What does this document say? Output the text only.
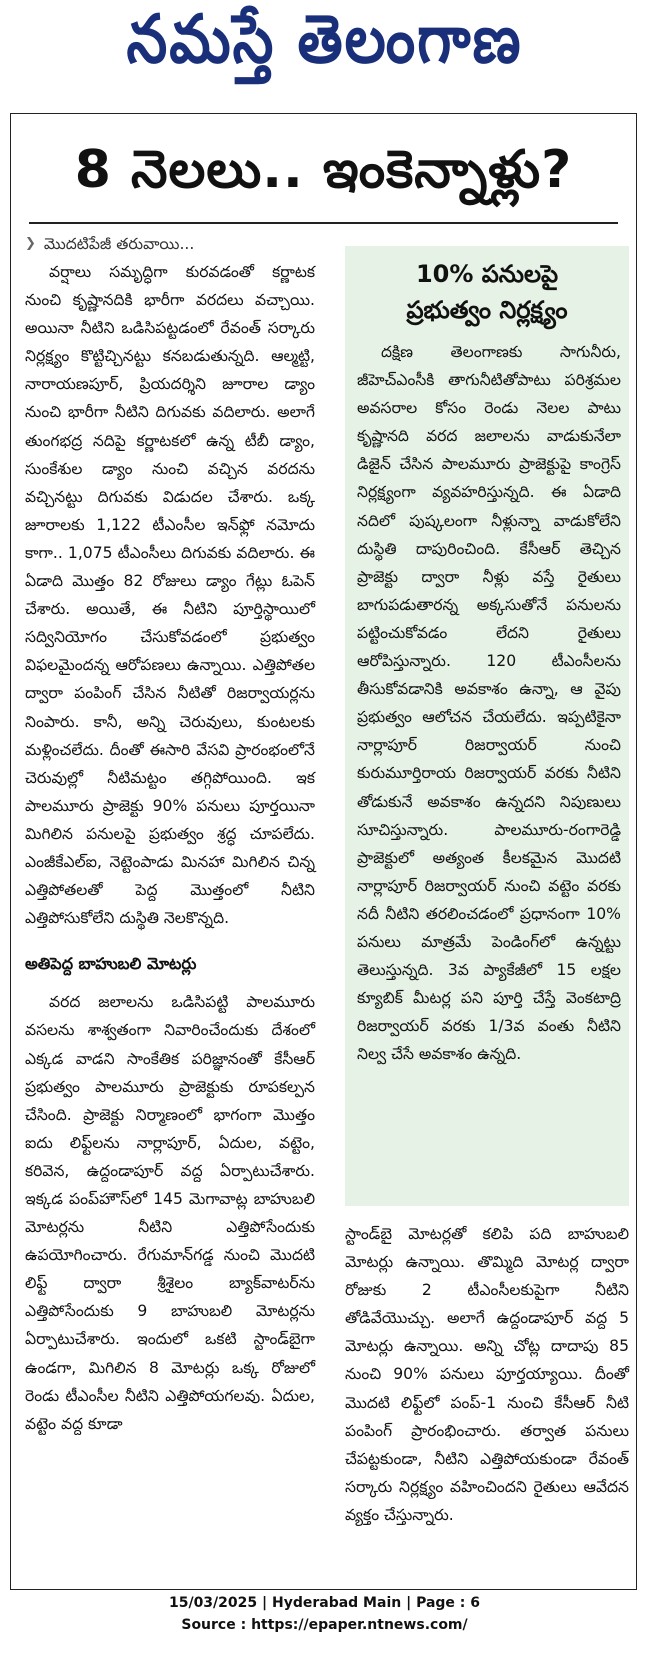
నమస్తే తెలంగాణ
8 నెలలు.. ఇంకెన్నాళ్లు?
❯ మొదటిపేజీ తరువాయి...

వర్షాలు సమృద్ధిగా కురవడంతో కర్ణాటక నుంచి కృష్ణానదికి భారీగా వరదలు వచ్చాయి. అయినా నీటిని ఒడిసిపట్టడంలో రేవంత్ సర్కారు నిర్లక్ష్యం కొట్టిచ్చినట్టు కనబడుతున్నది. ఆల్మట్టి, నారాయణపూర్, ప్రియదర్శిని జూరాల డ్యాం నుంచి భారీగా నీటిని దిగువకు వదిలారు. అలాగే తుంగభద్ర నదిపై కర్ణాటకలో ఉన్న టీబీ డ్యాం, సుంకేశుల డ్యాం నుంచి వచ్చిన వరదను వచ్చినట్టు దిగువకు విడుదల చేశారు. ఒక్క జూరాలకు 1,122 టీఎంసీల ఇన్‌ఫ్లో నమోదు కాగా.. 1,075 టీఎంసీలు దిగువకు వదిలారు. ఈ ఏడాది మొత్తం 82 రోజులు డ్యాం గేట్లు ఓపెన్ చేశారు. అయితే, ఈ నీటిని పూర్తిస్థాయిలో సద్వినియోగం చేసుకోవడంలో ప్రభుత్వం విఫలమైందన్న ఆరోపణలు ఉన్నాయి. ఎత్తిపోతల ద్వారా పంపింగ్ చేసిన నీటితో రిజర్వాయర్లను నింపారు. కానీ, అన్ని చెరువులు, కుంటలకు మళ్లించలేదు. దీంతో ఈసారి వేసవి ప్రారంభంలోనే చెరువుల్లో నీటిమట్టం తగ్గిపోయింది. ఇక పాలమూరు ప్రాజెక్టు 90% పనులు పూర్తయినా మిగిలిన పనులపై ప్రభుత్వం శ్రద్ధ చూపలేదు. ఎంజీకేఎల్ఐ, నెట్టెంపాడు మినహా మిగిలిన చిన్న ఎత్తిపోతలతో పెద్ద మొత్తంలో నీటిని ఎత్తిపోసుకోలేని దుస్థితి నెలకొన్నది.

అతిపెద్ద బాహుబలి మోటర్లు

వరద జలాలను ఒడిసిపట్టి పాలమూరు వసలను శాశ్వతంగా నివారించేందుకు దేశంలో ఎక్కడ వాడని సాంకేతిక పరిజ్ఞానంతో కేసీఆర్ ప్రభుత్వం పాలమూరు ప్రాజెక్టుకు రూపకల్పన చేసింది. ప్రాజెక్టు నిర్మాణంలో భాగంగా మొత్తం ఐదు లిఫ్ట్‌లను నార్లాపూర్, ఏదుల, వట్టెం, కరివెన, ఉద్దండాపూర్ వద్ద ఏర్పాటుచేశారు. ఇక్కడ పంప్‌హౌస్‌లో 145 మెగావాట్ల బాహుబలి మోటర్లను నీటిని ఎత్తిపోసేందుకు ఉపయోగించారు. రేగుమాన్‌గడ్డ నుంచి మొదటి లిఫ్ట్ ద్వారా శ్రీశైలం బ్యాక్‌వాటర్‌ను ఎత్తిపోసేందుకు 9 బాహుబలి మోటర్లను ఏర్పాటుచేశారు. ఇందులో ఒకటి స్టాండ్‌బైగా ఉండగా, మిగిలిన 8 మోటర్లు ఒక్క రోజులో రెండు టీఎంసీల నీటిని ఎత్తిపోయగలవు. ఏదుల, వట్టెం వద్ద కూడా

10% పనులపై
ప్రభుత్వం నిర్లక్ష్యం

దక్షిణ తెలంగాణకు సాగునీరు, జీహెచ్ఎంసీకి తాగునీటితోపాటు పరిశ్రమల అవసరాల కోసం రెండు నెలల పాటు కృష్ణానది వరద జలాలను వాడుకునేలా డిజైన్ చేసిన పాలమూరు ప్రాజెక్టుపై కాంగ్రెస్ నిర్లక్ష్యంగా వ్యవహరిస్తున్నది. ఈ ఏడాది నదిలో పుష్కలంగా నీళ్లున్నా వాడుకోలేని దుస్థితి దాపురించింది. కేసీఆర్ తెచ్చిన ప్రాజెక్టు ద్వారా నీళ్లు వస్తే రైతులు బాగుపడుతారన్న అక్కసుతోనే పనులను పట్టించుకోవడం లేదని రైతులు ఆరోపిస్తున్నారు. 120 టీఎంసీలను తీసుకోవడానికి అవకాశం ఉన్నా, ఆ వైపు ప్రభుత్వం ఆలోచన చేయలేదు. ఇప్పటికైనా నార్లాపూర్ రిజర్వాయర్ నుంచి కురుమూర్తిరాయ రిజర్వాయర్ వరకు నీటిని తోడుకునే అవకాశం ఉన్నదని నిపుణులు సూచిస్తున్నారు. పాలమూరు-రంగారెడ్డి ప్రాజెక్టులో అత్యంత కీలకమైన మొదటి నార్లాపూర్ రిజర్వాయర్ నుంచి వట్టెం వరకు నదీ నీటిని తరలించడంలో ప్రధానంగా 10% పనులు మాత్రమే పెండింగ్‌లో ఉన్నట్టు తెలుస్తున్నది. 3వ ప్యాకేజీలో 15 లక్షల క్యూబిక్ మీటర్ల పని పూర్తి చేస్తే వెంకటాద్రి రిజర్వాయర్ వరకు 1/3వ వంతు నీటిని నిల్వ చేసే అవకాశం ఉన్నది.

స్టాండ్‌బై మోటర్లతో కలిపి పది బాహుబలి మోటర్లు ఉన్నాయి. తొమ్మిది మోటర్ల ద్వారా రోజుకు 2 టీఎంసీలకుపైగా నీటిని తోడివేయొచ్చు. అలాగే ఉద్దండాపూర్ వద్ద 5 మోటర్లు ఉన్నాయి. అన్ని చోట్ల దాదాపు 85 నుంచి 90% పనులు పూర్తయ్యాయి. దీంతో మొదటి లిఫ్ట్‌లో పంప్-1 నుంచి కేసీఆర్ నీటి పంపింగ్ ప్రారంభించారు. తర్వాత పనులు చేపట్టకుండా, నీటిని ఎత్తిపోయకుండా రేవంత్ సర్కారు నిర్లక్ష్యం వహించిందని రైతులు ఆవేదన వ్యక్తం చేస్తున్నారు.

15/03/2025 | Hyderabad Main | Page : 6
Source : https://epaper.ntnews.com/
